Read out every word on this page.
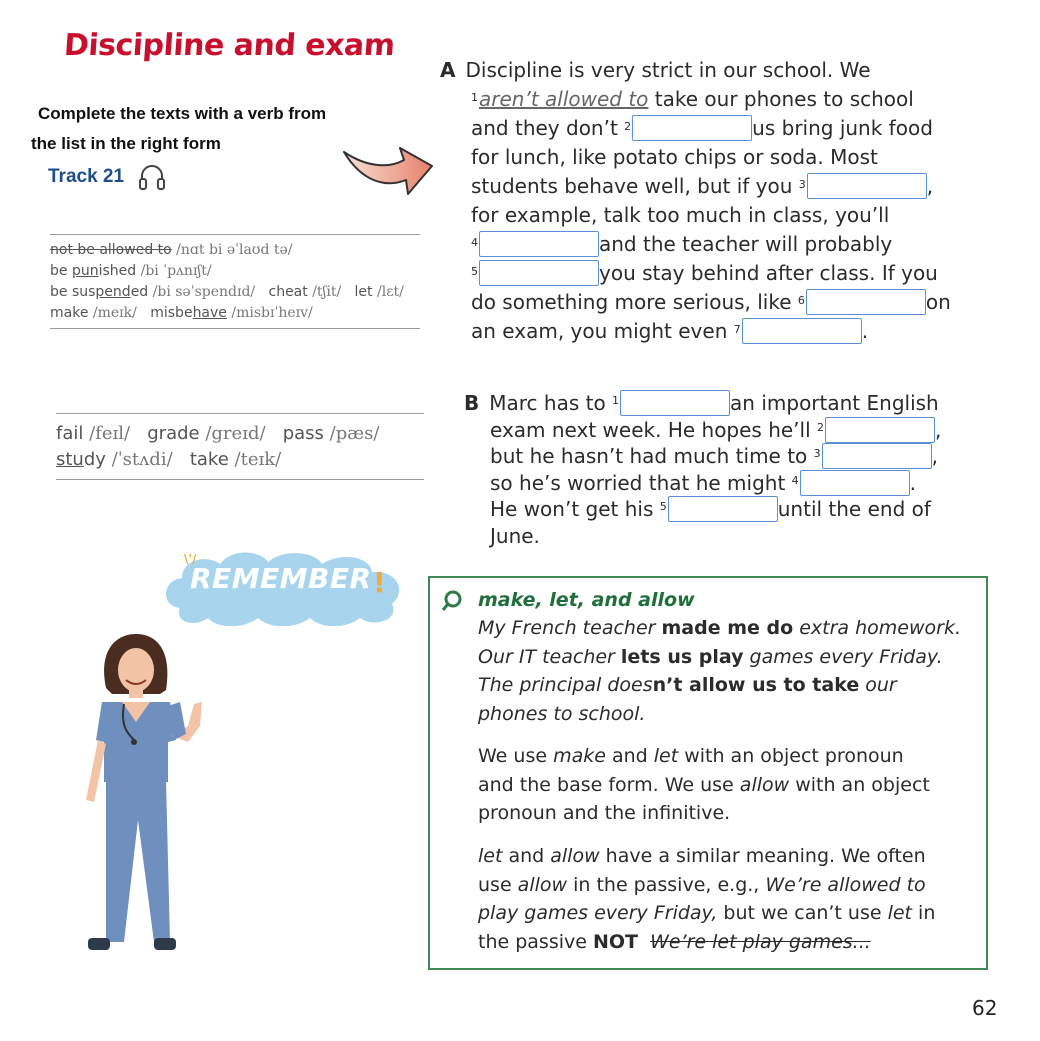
Discipline and exam
Complete the texts with a verb from
the list in the right form
Track 21
not be allowed to /nɑt bi əˈlaʊd tə/
be punished /bi ˈpʌnɪʃt/
be suspended /bi səˈspendɪd/ cheat /tʃit/ let /lɛt/
make /meɪk/ misbehave /misbɪˈheɪv/
fail /feɪl/ grade /greɪd/ pass /pæs/
study /ˈstʌdi/ take /teɪk/
A Discipline is very strict in our school. We
$^1$aren’t allowed to take our phones to school
and they don’t $^2$	us bring junk food
for lunch, like potato chips or soda. Most
students behave well, but if you $^3$	,
for example, talk too much in class, you’ll
$^4$	and the teacher will probably
$^5$	you stay behind after class. If you
do something more serious, like $^6$	on
an exam, you might even $^7$	.
B Marc has to $^1$	an important English
exam next week. He hopes he’ll $^2$	,
but he hasn’t had much time to $^3$	,
so he’s worried that he might $^4$	.
He won’t get his $^5$	until the end of
June.
REMEMBER !
\'/
make, let, and allow
My French teacher made me do extra homework.
Our IT teacher lets us play games every Friday.
The principal doesn’t allow us to take our
phones to school.
We use make and let with an object pronoun
and the base form. We use allow with an object
pronoun and the infinitive.
let and allow have a similar meaning. We often
use allow in the passive, e.g., We’re allowed to
play games every Friday, but we can’t use let in
the passive NOT We’re let play games...
62
